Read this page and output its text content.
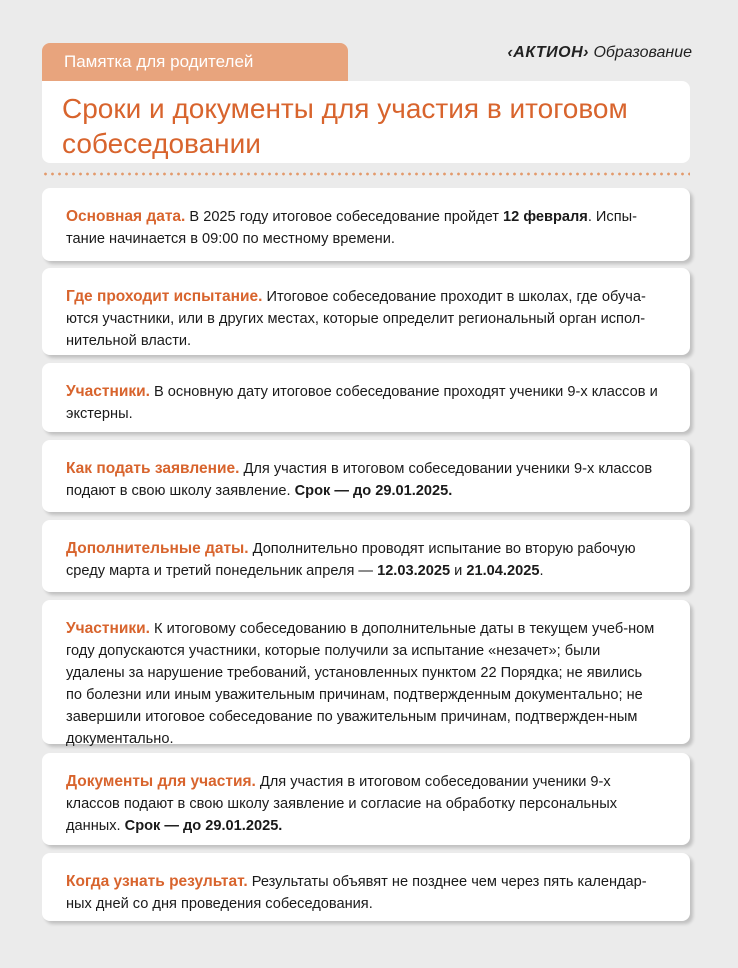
Памятка для родителей	‹АКТИОН› Образование
Сроки и документы для участия в итоговом собеседовании

Основная дата. В 2025 году итоговое собеседование пройдет 12 февраля. Испы-тание начинается в 09:00 по местному времени.

Где проходит испытание. Итоговое собеседование проходит в школах, где обуча-ются участники, или в других местах, которые определит региональный орган испол-нительной власти.

Участники. В основную дату итоговое собеседование проходят ученики 9-х классов и экстерны.

Как подать заявление. Для участия в итоговом собеседовании ученики 9-х классов подают в свою школу заявление. Срок — до 29.01.2025.

Дополнительные даты. Дополнительно проводят испытание во вторую рабочую среду марта и третий понедельник апреля — 12.03.2025 и 21.04.2025.

Участники. К итоговому собеседованию в дополнительные даты в текущем учеб-ном году допускаются участники, которые получили за испытание «незачет»; были удалены за нарушение требований, установленных пунктом 22 Порядка; не явились по болезни или иным уважительным причинам, подтвержденным документально; не завершили итоговое собеседование по уважительным причинам, подтвержден-ным документально.

Документы для участия. Для участия в итоговом собеседовании ученики 9-х классов подают в свою школу заявление и согласие на обработку персональных данных. Срок — до 29.01.2025.

Когда узнать результат. Результаты объявят не позднее чем через пять календар-ных дней со дня проведения собеседования.
